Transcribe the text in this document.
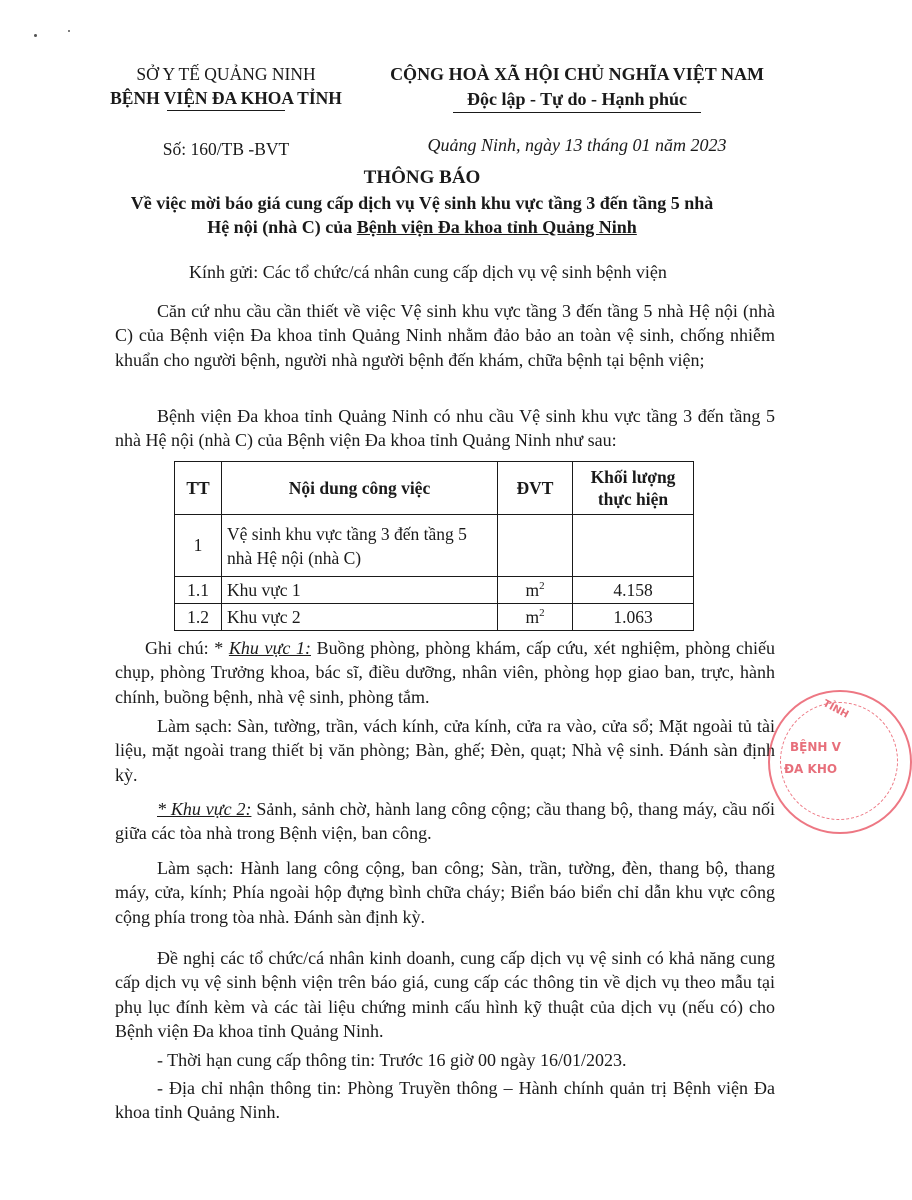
SỞ Y TẾ QUẢNG NINH
BỆNH VIỆN ĐA KHOA TỈNH
Số: 160/TB -BVT
CỘNG HOÀ XÃ HỘI CHỦ NGHĨA VIỆT NAM
Độc lập - Tự do - Hạnh phúc
Quảng Ninh, ngày 13 tháng 01 năm 2023
THÔNG BÁO
Về việc mời báo giá cung cấp dịch vụ Vệ sinh khu vực tầng 3 đến tầng 5 nhà
Hệ nội (nhà C) của Bệnh viện Đa khoa tỉnh Quảng Ninh
Kính gửi: Các tổ chức/cá nhân cung cấp dịch vụ vệ sinh bệnh viện
Căn cứ nhu cầu cần thiết về việc Vệ sinh khu vực tầng 3 đến tầng 5 nhà Hệ nội (nhà C) của Bệnh viện Đa khoa tỉnh Quảng Ninh nhằm đảo bảo an toàn vệ sinh, chống nhiễm khuẩn cho người bệnh, người nhà người bệnh đến khám, chữa bệnh tại bệnh viện;
Bệnh viện Đa khoa tỉnh Quảng Ninh có nhu cầu Vệ sinh khu vực tầng 3 đến tầng 5 nhà Hệ nội (nhà C) của Bệnh viện Đa khoa tỉnh Quảng Ninh như sau:
TT	Nội dung công việc	ĐVT	Khối lượng thực hiện
1	Vệ sinh khu vực tầng 3 đến tầng 5 nhà Hệ nội (nhà C)		
1.1	Khu vực 1	$m^2$	4.158
1.2	Khu vực 2	$m^2$	1.063
Ghi chú: * Khu vực 1: Buồng phòng, phòng khám, cấp cứu, xét nghiệm, phòng chiếu chụp, phòng Trưởng khoa, bác sĩ, điều dưỡng, nhân viên, phòng họp giao ban, trực, hành chính, buồng bệnh, nhà vệ sinh, phòng tắm.
Làm sạch: Sàn, tường, trần, vách kính, cửa kính, cửa ra vào, cửa sổ; Mặt ngoài tủ tài liệu, mặt ngoài trang thiết bị văn phòng; Bàn, ghế; Đèn, quạt; Nhà vệ sinh. Đánh sàn định kỳ.
* Khu vực 2: Sảnh, sảnh chờ, hành lang công cộng; cầu thang bộ, thang máy, cầu nối giữa các tòa nhà trong Bệnh viện, ban công.
Làm sạch: Hành lang công cộng, ban công; Sàn, trần, tường, đèn, thang bộ, thang máy, cửa, kính; Phía ngoài hộp đựng bình chữa cháy; Biển báo biển chỉ dẫn khu vực công cộng phía trong tòa nhà. Đánh sàn định kỳ.
Đề nghị các tổ chức/cá nhân kinh doanh, cung cấp dịch vụ vệ sinh có khả năng cung cấp dịch vụ vệ sinh bệnh viện trên báo giá, cung cấp các thông tin về dịch vụ theo mẫu tại phụ lục đính kèm và các tài liệu chứng minh cấu hình kỹ thuật của dịch vụ (nếu có) cho Bệnh viện Đa khoa tỉnh Quảng Ninh.
- Thời hạn cung cấp thông tin: Trước 16 giờ 00 ngày 16/01/2023.
- Địa chỉ nhận thông tin: Phòng Truyền thông – Hành chính quản trị Bệnh viện Đa khoa tỉnh Quảng Ninh.
TỈNH
BỆNH V
ĐA KHO
